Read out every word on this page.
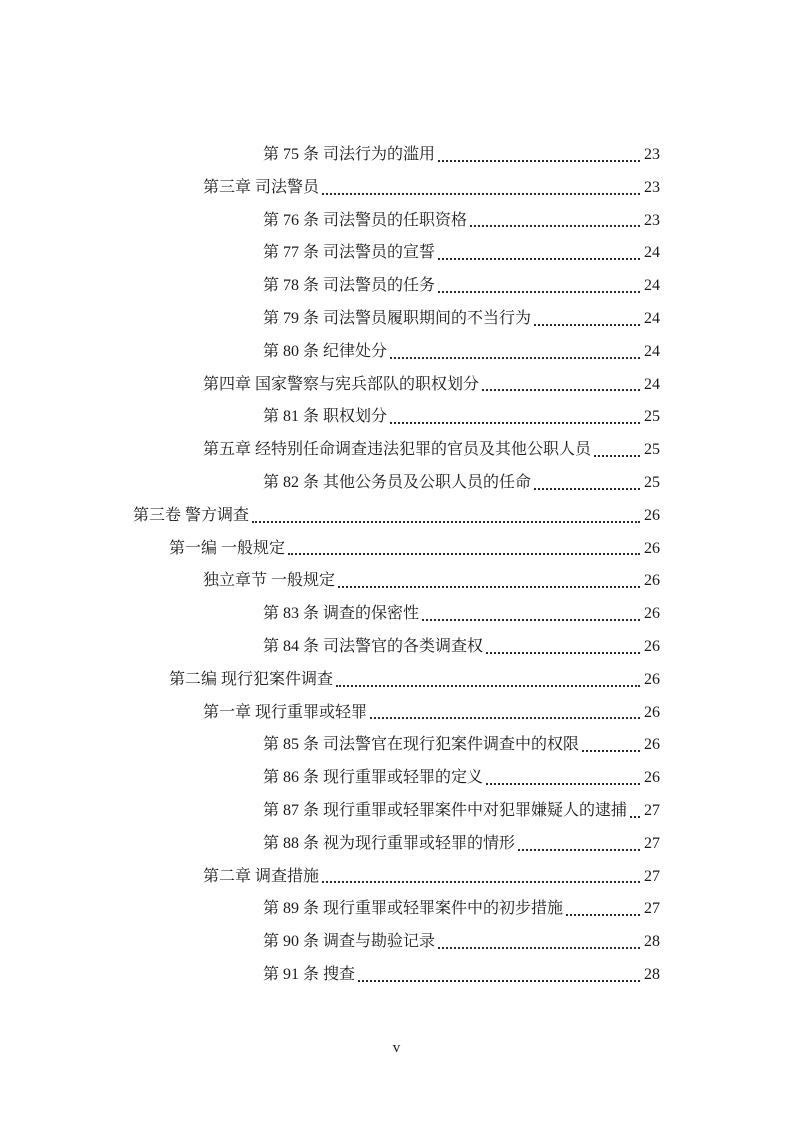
第 75 条 司法行为的滥用	23
第三章 司法警员	23
第 76 条 司法警员的任职资格	23
第 77 条 司法警员的宣誓	24
第 78 条 司法警员的任务	24
第 79 条 司法警员履职期间的不当行为	24
第 80 条 纪律处分	24
第四章 国家警察与宪兵部队的职权划分	24
第 81 条 职权划分	25
第五章 经特别任命调查违法犯罪的官员及其他公职人员	25
第 82 条 其他公务员及公职人员的任命	25
第三卷 警方调查	26
第一编 一般规定	26
独立章节 一般规定	26
第 83 条 调查的保密性	26
第 84 条 司法警官的各类调查权	26
第二编 现行犯案件调查	26
第一章 现行重罪或轻罪	26
第 85 条 司法警官在现行犯案件调查中的权限	26
第 86 条 现行重罪或轻罪的定义	26
第 87 条 现行重罪或轻罪案件中对犯罪嫌疑人的逮捕 27
第 88 条 视为现行重罪或轻罪的情形	27
第二章 调查措施	27
第 89 条 现行重罪或轻罪案件中的初步措施	27
第 90 条 调查与勘验记录	28
第 91 条 搜查	28
v
